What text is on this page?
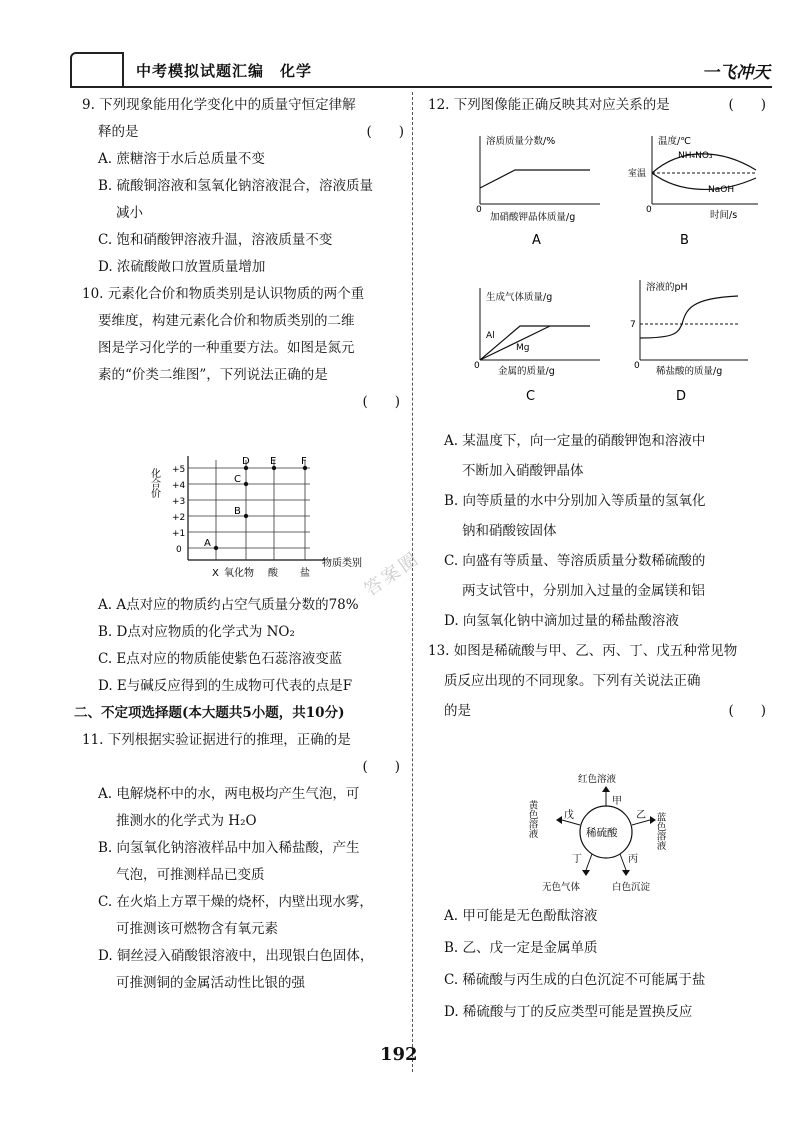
中考模拟试题汇编　化学	一飞冲天

9. 下列现象能用化学变化中的质量守恒定律解

释的是	(　　)

A. 蔗糖溶于水后总质量不变

B. 硫酸铜溶液和氢氧化钠溶液混合，溶液质量

减小

C. 饱和硝酸钾溶液升温，溶液质量不变

D. 浓硫酸敞口放置质量增加

10. 元素化合价和物质类别是认识物质的两个重

要维度，构建元素化合价和物质类别的二维

图是学习化学的一种重要方法。如图是氮元

素的“价类二维图”，下列说法正确的是

(　　)

化合价 +5
+4
+3
+2
+1
0
X 氧化物 酸 盐
物质类别
A
B
C
D E F

A. A点对应的物质约占空气质量分数的78%

B. D点对应物质的化学式为 NO₂

C. E点对应的物质能使紫色石蕊溶液变蓝

D. E与碱反应得到的生成物可代表的点是F

二、不定项选择题(本大题共5小题，共10分)

11. 下列根据实验证据进行的推理，正确的是

(　　)

A. 电解烧杯中的水，两电极均产生气泡，可

推测水的化学式为 H₂O

B. 向氢氧化钠溶液样品中加入稀盐酸，产生

气泡，可推测样品已变质

C. 在火焰上方罩干燥的烧杯，内壁出现水雾，

可推测该可燃物含有氧元素

D. 铜丝浸入硝酸银溶液中，出现银白色固体，

可推测铜的金属活动性比银的强

12. 下列图像能正确反映其对应关系的是	(　　)

溶质质量分数/%
0
加硝酸钾晶体质量/g
A
温度/℃
室温
NH₄NO₃
NaOH
0	时间/s
B
生成气体质量/g
Al
Mg
0 金属的质量/g
C
溶液的pH
7
0 稀盐酸的质量/g
D

A. 某温度下，向一定量的硝酸钾饱和溶液中

不断加入硝酸钾晶体

B. 向等质量的水中分别加入等质量的氢氧化

钠和硝酸铵固体

C. 向盛有等质量、等溶质质量分数稀硫酸的

两支试管中，分别加入过量的金属镁和铝

D. 向氢氧化钠中滴加过量的稀盐酸溶液

13. 如图是稀硫酸与甲、乙、丙、丁、戊五种常见物

质反应出现的不同现象。下列有关说法正确

的是	(　　)

稀硫酸
红色溶液
甲
乙 蓝色溶液
丙
白色沉淀
丁
无色气体
戊
黄色溶液

A. 甲可能是无色酚酞溶液

B. 乙、戊一定是金属单质

C. 稀硫酸与丙生成的白色沉淀不可能属于盐

D. 稀硫酸与丁的反应类型可能是置换反应

答案圈
192
